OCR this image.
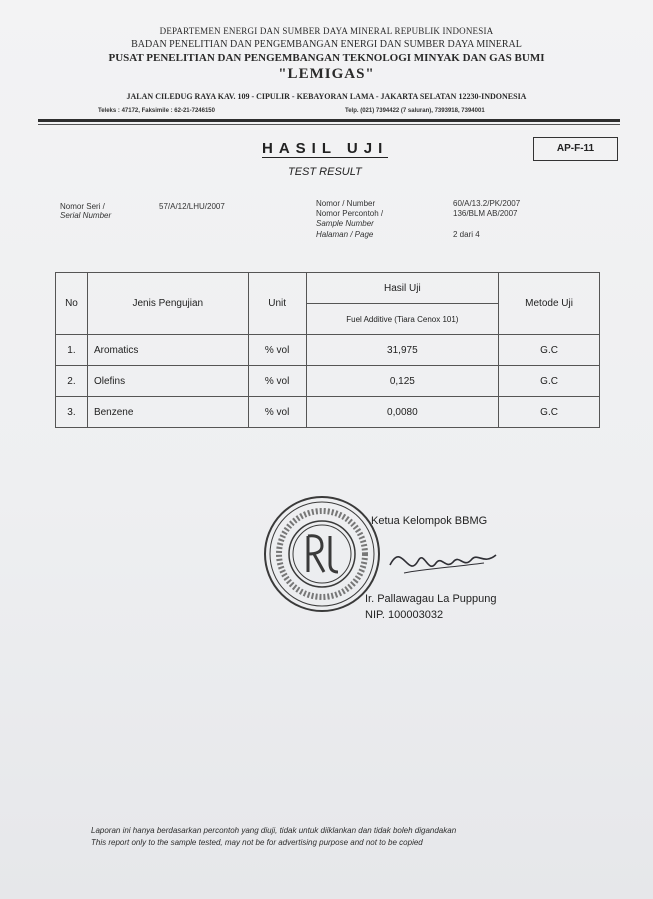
DEPARTEMEN ENERGI DAN SUMBER DAYA MINERAL REPUBLIK INDONESIA
BADAN PENELITIAN DAN PENGEMBANGAN ENERGI DAN SUMBER DAYA MINERAL
PUSAT PENELITIAN DAN PENGEMBANGAN TEKNOLOGI MINYAK DAN GAS BUMI
"LEMIGAS"
JALAN CILEDUG RAYA KAV. 109 - CIPULIR - KEBAYORAN LAMA - JAKARTA SELATAN 12230-INDONESIA
Teleks : 47172, Faksimile : 62-21-7246150	Telp. (021) 7394422 (7 saluran), 7393918, 7394001
HASIL UJI
TEST RESULT
AP-F-11
Nomor Seri /
Serial Number
57/A/12/LHU/2007	Nomor / Number	60/A/13.2/PK/2007
Nomor Percontoh /	136/BLM AB/2007
Sample Number
Halaman / Page	2 dari 4
No	Jenis Pengujian	Unit	Hasil Uji	Metode Uji
			Fuel Additive (Tiara Cenox 101)	
1.	Aromatics	% vol	31,975	G.C
2.	Olefins	% vol	0,125	G.C
3.	Benzene	% vol	0,0080	G.C
Ketua Kelompok BBMG
Ir. Pallawagau La Puppung
NIP. 100003032
Laporan ini hanya berdasarkan percontoh yang diuji, tidak untuk diiklankan dan tidak boleh digandakan
This report only to the sample tested, may not be for advertising purpose and not to be copied
